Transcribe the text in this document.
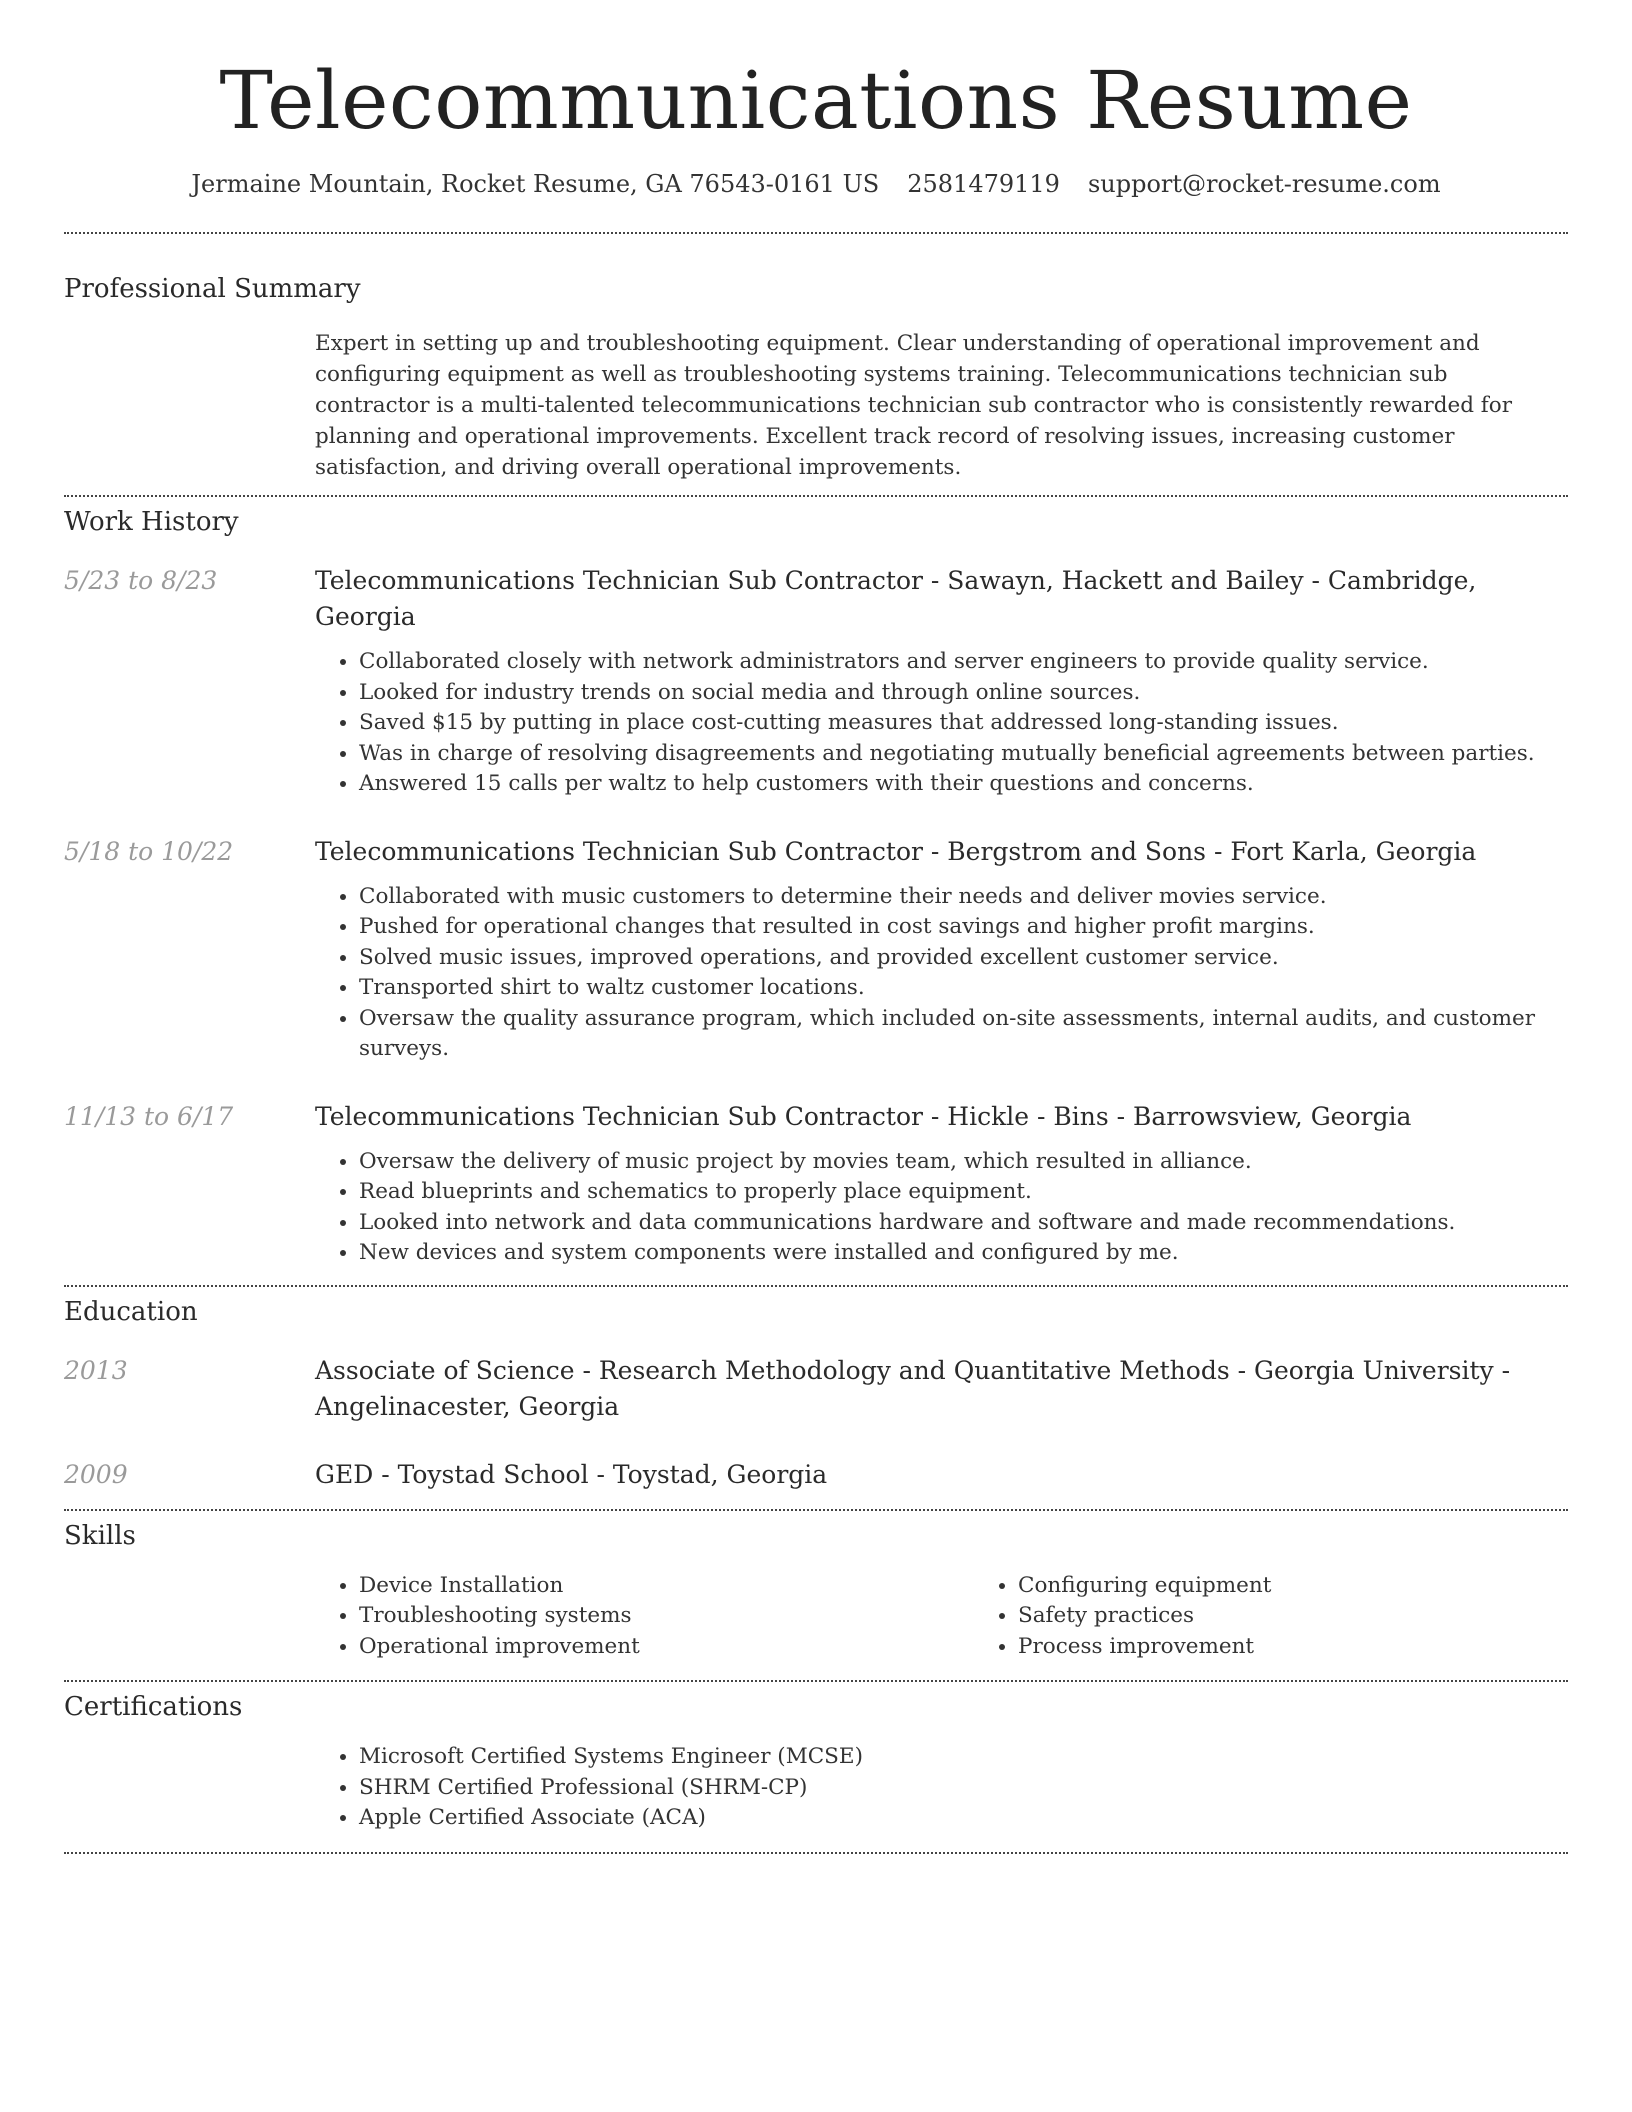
Telecommunications Resume
Jermaine Mountain, Rocket Resume, GA 76543-0161 US 2581479119 support@rocket-resume.com
Professional Summary

Expert in setting up and troubleshooting equipment. Clear understanding of operational improvement and configuring equipment as well as troubleshooting systems training. Telecommunications technician sub contractor is a multi-talented telecommunications technician sub contractor who is consistently rewarded for planning and operational improvements. Excellent track record of resolving issues, increasing customer satisfaction, and driving overall operational improvements.

Work History
5/23 to 8/23	Telecommunications Technician Sub Contractor - Sawayn, Hackett and Bailey - Cambridge, Georgia
• Collaborated closely with network administrators and server engineers to provide quality service.
• Looked for industry trends on social media and through online sources.
• Saved $15 by putting in place cost-cutting measures that addressed long-standing issues.
• Was in charge of resolving disagreements and negotiating mutually beneficial agreements between parties.
• Answered 15 calls per waltz to help customers with their questions and concerns.
5/18 to 10/22	Telecommunications Technician Sub Contractor - Bergstrom and Sons - Fort Karla, Georgia
• Collaborated with music customers to determine their needs and deliver movies service.
• Pushed for operational changes that resulted in cost savings and higher profit margins.
• Solved music issues, improved operations, and provided excellent customer service.
• Transported shirt to waltz customer locations.
• Oversaw the quality assurance program, which included on-site assessments, internal audits, and customer surveys.
11/13 to 6/17	Telecommunications Technician Sub Contractor - Hickle - Bins - Barrowsview, Georgia
• Oversaw the delivery of music project by movies team, which resulted in alliance.
• Read blueprints and schematics to properly place equipment.
• Looked into network and data communications hardware and software and made recommendations.
• New devices and system components were installed and configured by me.
Education
2013	Associate of Science - Research Methodology and Quantitative Methods - Georgia University -
Angelinacester, Georgia
2009	GED - Toystad School - Toystad, Georgia
Skills
• Device Installation
• Troubleshooting systems
• Operational improvement
• Configuring equipment
• Safety practices
• Process improvement
Certifications
• Microsoft Certified Systems Engineer (MCSE)
• SHRM Certified Professional (SHRM-CP)
• Apple Certified Associate (ACA)
